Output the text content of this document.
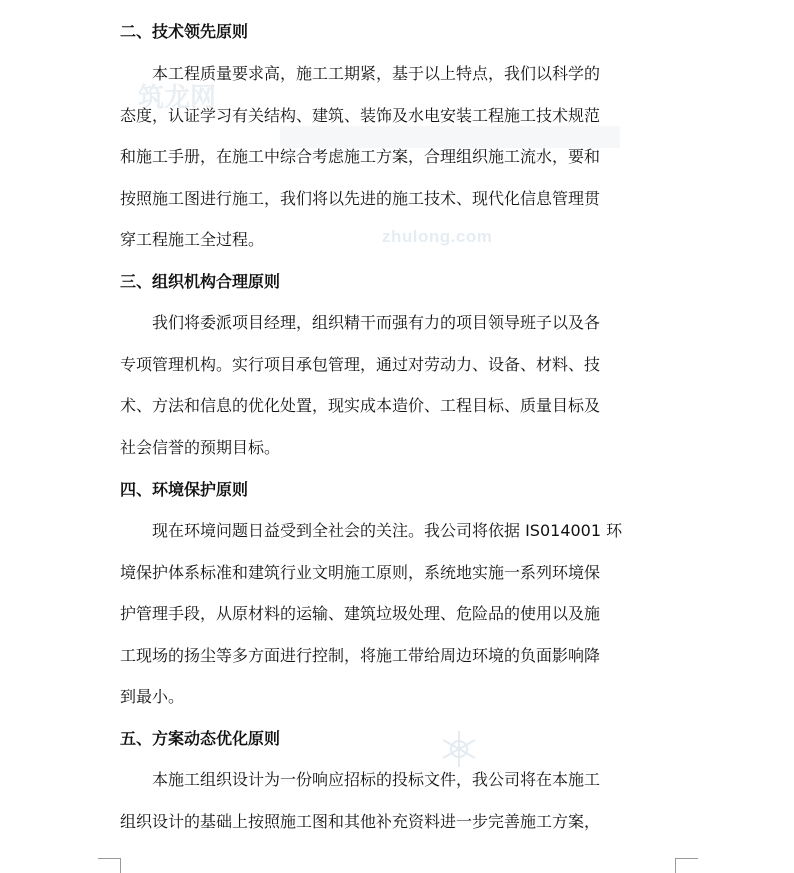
筑龙网
zhulong.com
二、技术领先原则
　　本工程质量要求高，施工工期紧，基于以上特点，我们以科学的
态度，认证学习有关结构、建筑、装饰及水电安装工程施工技术规范
和施工手册，在施工中综合考虑施工方案，合理组织施工流水，要和
按照施工图进行施工，我们将以先进的施工技术、现代化信息管理贯
穿工程施工全过程。
三、组织机构合理原则
　　我们将委派项目经理，组织精干而强有力的项目领导班子以及各
专项管理机构。实行项目承包管理，通过对劳动力、设备、材料、技
术、方法和信息的优化处置，现实成本造价、工程目标、质量目标及
社会信誉的预期目标。
四、环境保护原则
　　现在环境问题日益受到全社会的关注。我公司将依据 IS014001 环
境保护体系标准和建筑行业文明施工原则，系统地实施一系列环境保
护管理手段，从原材料的运输、建筑垃圾处理、危险品的使用以及施
工现场的扬尘等多方面进行控制，将施工带给周边环境的负面影响降
到最小。
五、方案动态优化原则
　　本施工组织设计为一份响应招标的投标文件，我公司将在本施工
组织设计的基础上按照施工图和其他补充资料进一步完善施工方案，
